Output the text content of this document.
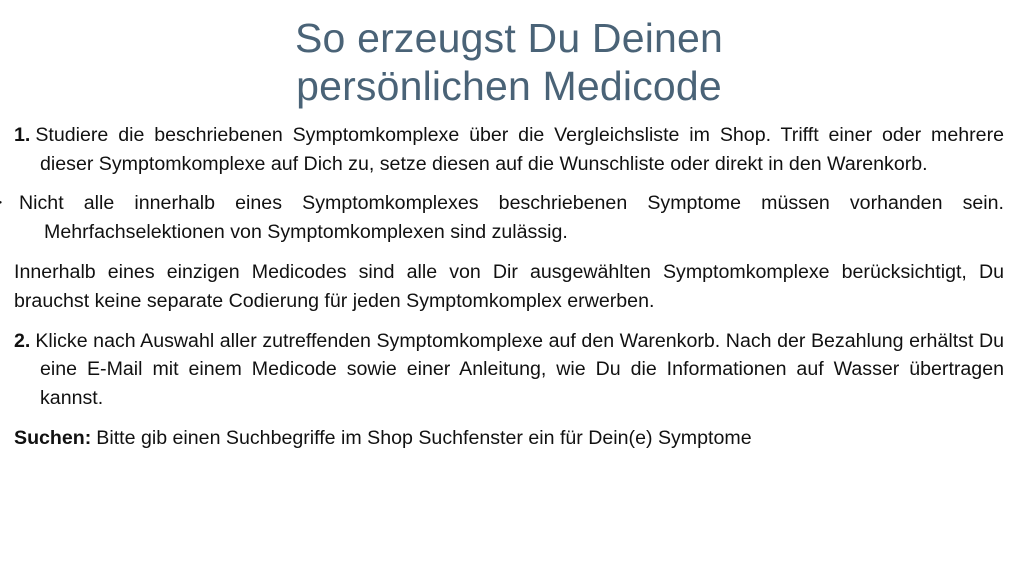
So erzeugst Du Deinen
persönlichen Medicode

1. Studiere die beschriebenen Symptomkomplexe über die Vergleichsliste im Shop. Trifft einer oder mehrere dieser Symptomkomplexe auf Dich zu, setze diesen auf die Wunschliste oder direkt in den Warenkorb.

Nicht alle innerhalb eines Symptomkomplexes beschriebenen Symptome müssen vorhanden sein. Mehrfachselektionen von Symptomkomplexen sind zulässig.

Innerhalb eines einzigen Medicodes sind alle von Dir ausgewählten Symptomkomplexe berücksichtigt, Du brauchst keine separate Codierung für jeden Symptomkomplex erwerben.

2. Klicke nach Auswahl aller zutreffenden Symptomkomplexe auf den Warenkorb. Nach der Bezahlung erhältst Du eine E-Mail mit einem Medicode sowie einer Anleitung, wie Du die Informationen auf Wasser übertragen kannst.

Suchen: Bitte gib einen Suchbegriffe im Shop Suchfenster ein für Dein(e) Symptome
